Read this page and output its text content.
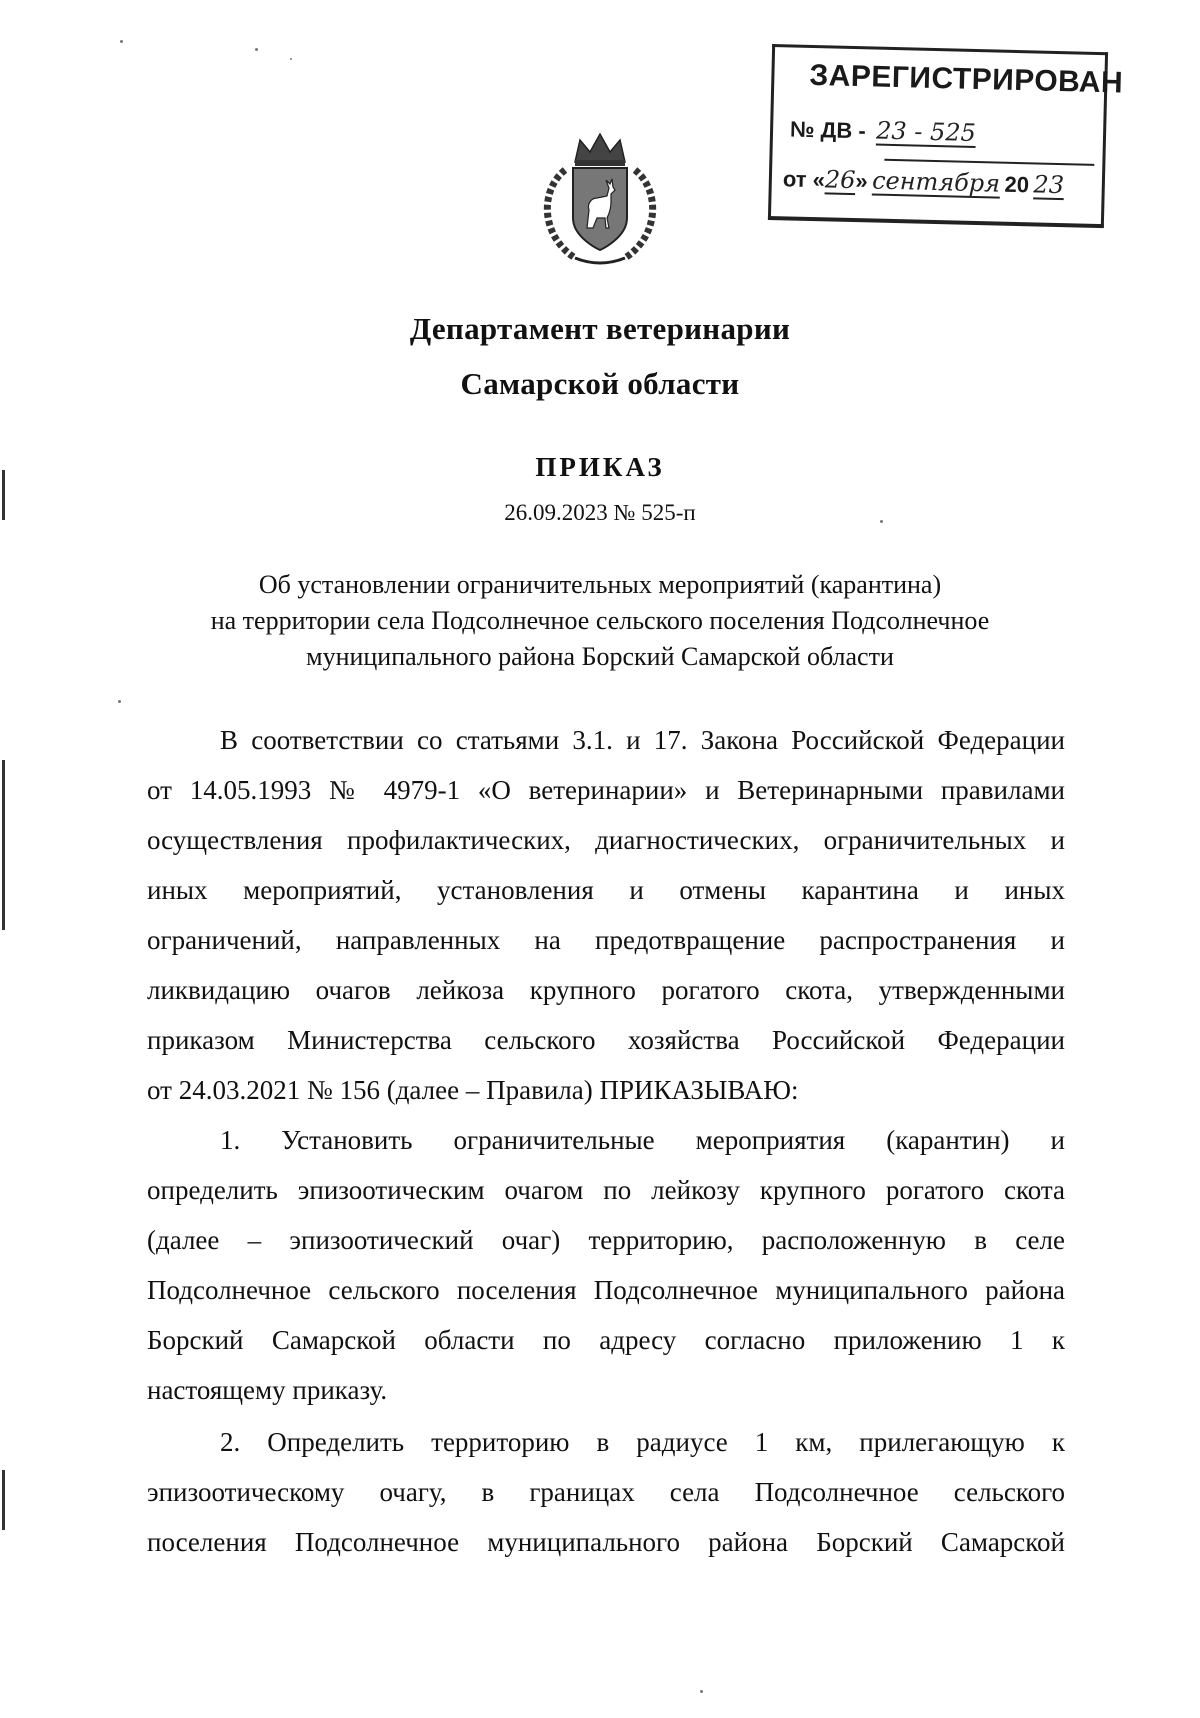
ЗАРЕГИСТРИРОВАН
№ ДВ - 23 - 525
от «26» сентября 20 23
Департамент ветеринарии
Самарской области
ПРИКАЗ
26.09.2023 № 525-п
Об установлении ограничительных мероприятий (карантина)
на территории села Подсолнечное сельского поселения Подсолнечное
муниципального района Борский Самарской области
В соответствии со статьями 3.1. и 17. Закона Российской Федерации
от 14.05.1993 № 4979-1 «О ветеринарии» и Ветеринарными правилами
осуществления профилактических, диагностических, ограничительных и
иных мероприятий, установления и отмены карантина и иных
ограничений, направленных на предотвращение распространения и
ликвидацию очагов лейкоза крупного рогатого скота, утвержденными
приказом Министерства сельского хозяйства Российской Федерации
от 24.03.2021 № 156 (далее – Правила) ПРИКАЗЫВАЮ:
1. Установить ограничительные мероприятия (карантин) и
определить эпизоотическим очагом по лейкозу крупного рогатого скота
(далее – эпизоотический очаг) территорию, расположенную в селе
Подсолнечное сельского поселения Подсолнечное муниципального района
Борский Самарской области по адресу согласно приложению 1 к
настоящему приказу.
2. Определить территорию в радиусе 1 км, прилегающую к
эпизоотическому очагу, в границах села Подсолнечное сельского
поселения Подсолнечное муниципального района Борский Самарской
